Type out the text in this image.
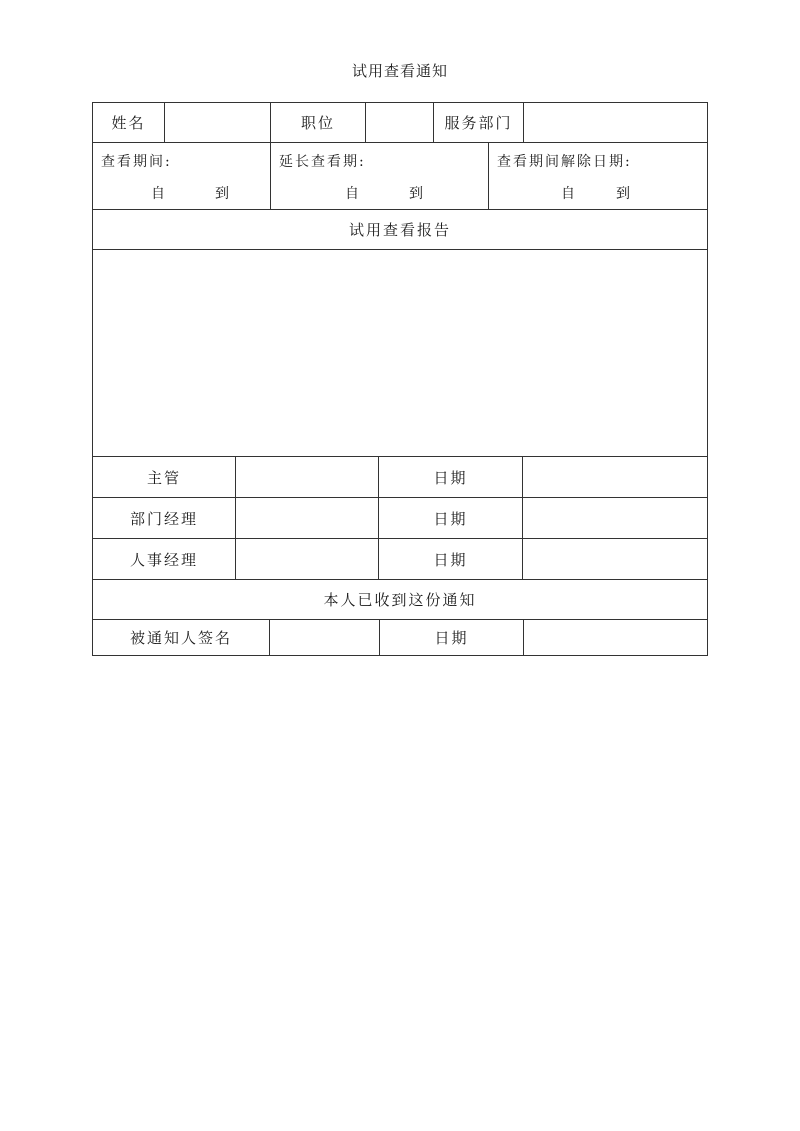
试用查看通知
姓名	职位	服务部门
查看期间:
自	到
延长查看期:
自	到
查看期间解除日期:
自	到
试用查看报告
主管	日期
部门经理	日期
人事经理	日期
本人已收到这份通知
被通知人签名	日期
